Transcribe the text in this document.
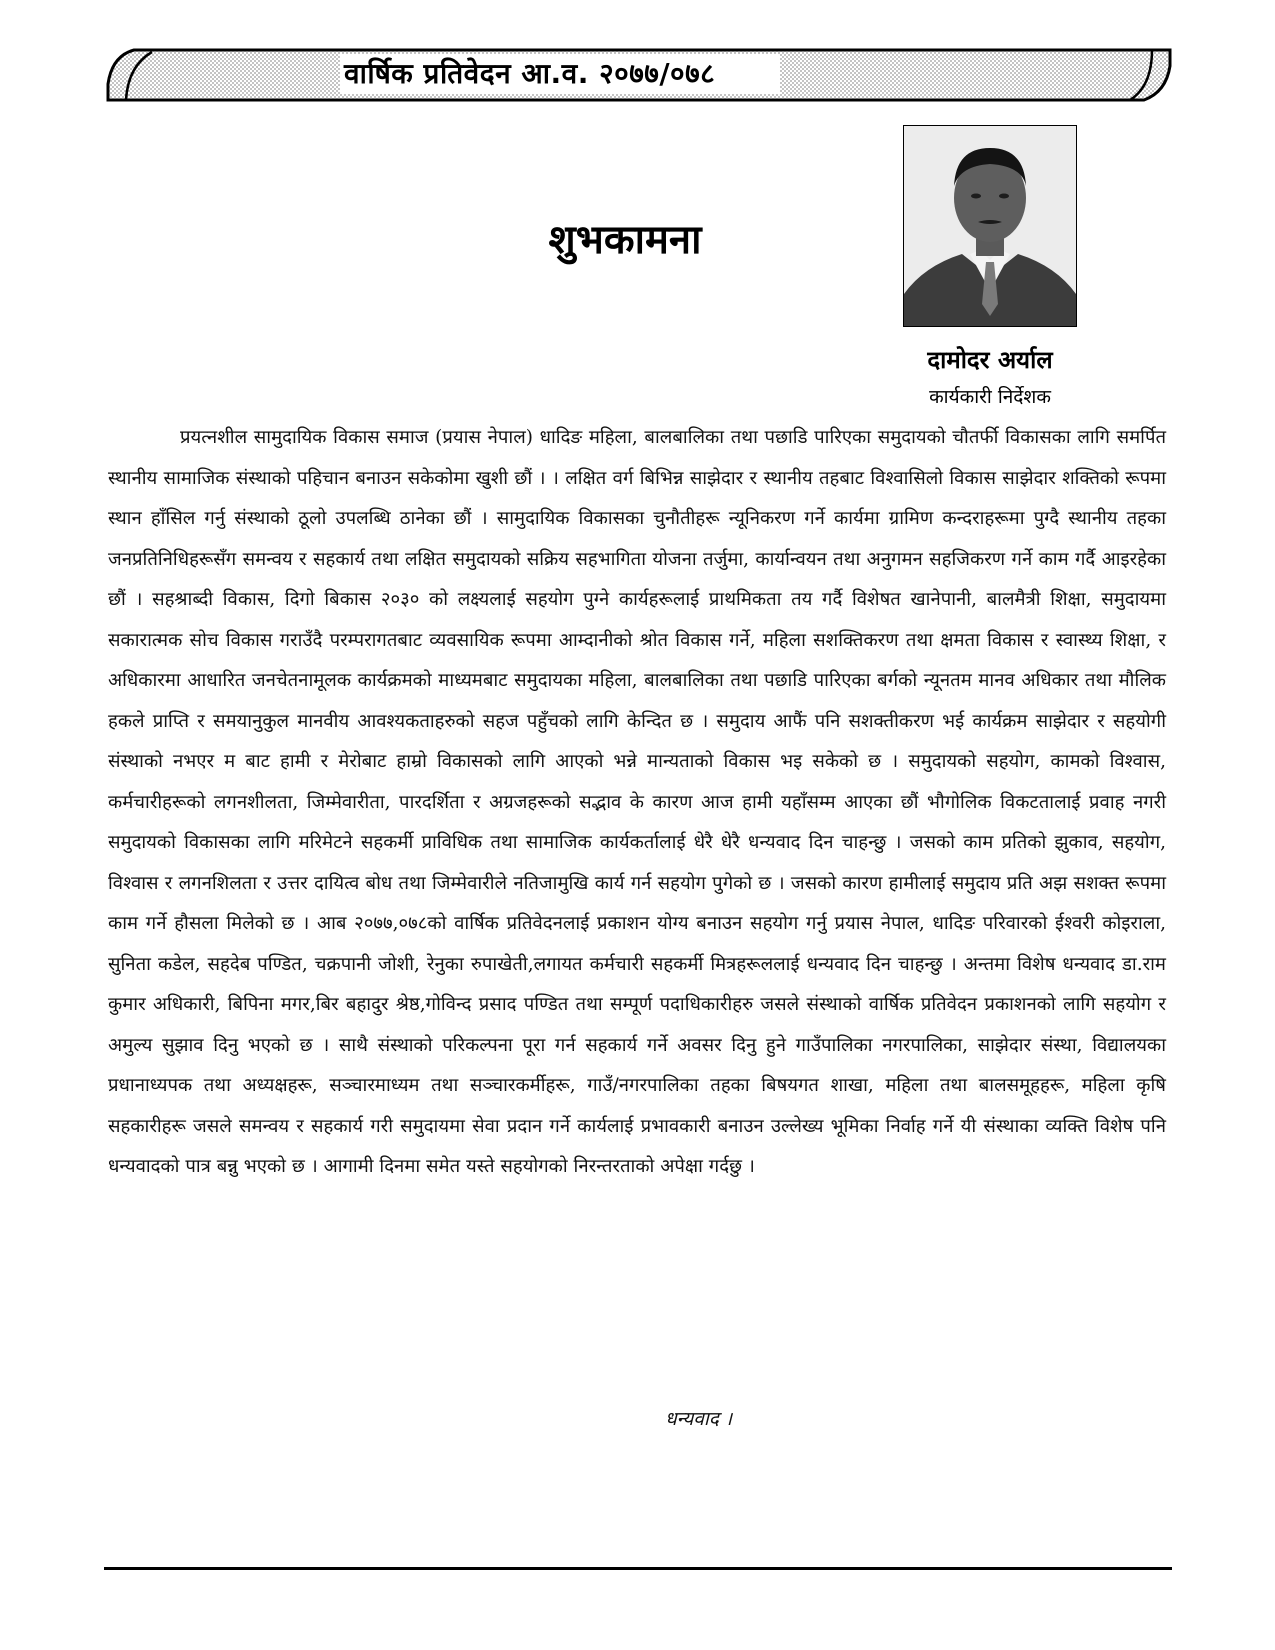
वार्षिक प्रतिवेदन आ.व. २०७७/०७८
शुभकामना
दामोदर अर्याल
कार्यकारी निर्देशक
प्रयत्नशील सामुदायिक विकास समाज (प्रयास नेपाल) धादिङ महिला, बालबालिका तथा पछाडि पारिएका समुदायको चौतर्फी विकासका लागि समर्पित स्थानीय सामाजिक संस्थाको पहिचान बनाउन सकेकोमा खुशी छौं । । लक्षित वर्ग बिभिन्न साझेदार र स्थानीय तहबाट विश्वासिलो विकास साझेदार शक्तिको रूपमा स्थान हाँसिल गर्नु संस्थाको ठूलो उपलब्धि ठानेका छौं । सामुदायिक विकासका चुनौतीहरू न्यूनिकरण गर्ने कार्यमा ग्रामिण कन्दराहरूमा पुग्दै स्थानीय तहका जनप्रतिनिधिहरूसँग समन्वय र सहकार्य तथा लक्षित समुदायको सक्रिय सहभागिता योजना तर्जुमा, कार्यान्वयन तथा अनुगमन सहजिकरण गर्ने काम गर्दै आइरहेका छौं । सहश्राब्दी विकास, दिगो बिकास २०३० को लक्ष्यलाई सहयोग पुग्ने कार्यहरूलाई प्राथमिकता तय गर्दै विशेषत खानेपानी, बालमैत्री शिक्षा, समुदायमा सकारात्मक सोच विकास गराउँदै परम्परागतबाट व्यवसायिक रूपमा आम्दानीको श्रोत विकास गर्ने, महिला सशक्तिकरण तथा क्षमता विकास र स्वास्थ्य शिक्षा, र अधिकारमा आधारित जनचेतनामूलक कार्यक्रमको माध्यमबाट समुदायका महिला, बालबालिका तथा पछाडि पारिएका बर्गको न्यूनतम मानव अधिकार तथा मौलिक हकले प्राप्ति र समयानुकुल मानवीय आवश्यकताहरुको सहज पहुँचको लागि केन्दित छ । समुदाय आफैं पनि सशक्तीकरण भई कार्यक्रम साझेदार र सहयोगी संस्थाको नभएर म बाट हामी र मेरोबाट हाम्रो विकासको लागि आएको भन्ने मान्यताको विकास भइ सकेको छ । समुदायको सहयोग, कामको विश्वास, कर्मचारीहरूको लगनशीलता, जिम्मेवारीता, पारदर्शिता र अग्रजहरूको सद्भाव के कारण आज हामी यहाँसम्म आएका छौं भौगोलिक विकटतालाई प्रवाह नगरी समुदायको विकासका लागि मरिमेटने सहकर्मी प्राविधिक तथा सामाजिक कार्यकर्तालाई धेरै धेरै धन्यवाद दिन चाहन्छु । जसको काम प्रतिको झुकाव, सहयोग, विश्वास र लगनशिलता र उत्तर दायित्व बोध तथा जिम्मेवारीले नतिजामुखि कार्य गर्न सहयोग पुगेको छ । जसको कारण हामीलाई समुदाय प्रति अझ सशक्त रूपमा काम गर्ने हौसला मिलेको छ । आब २०७७,०७८को वार्षिक प्रतिवेदनलाई प्रकाशन योग्य बनाउन सहयोग गर्नु प्रयास नेपाल, धादिङ परिवारको ईश्वरी कोइराला, सुनिता कडेल, सहदेब पण्डित, चक्रपानी जोशी, रेनुका रुपाखेती,लगायत कर्मचारी सहकर्मी मित्रहरूललाई धन्यवाद दिन चाहन्छु । अन्तमा विशेष धन्यवाद डा.राम कुमार अधिकारी, बिपिना मगर,बिर बहादुर श्रेष्ठ,गोविन्द प्रसाद पण्डित तथा सम्पूर्ण पदाधिकारीहरु जसले संस्थाको वार्षिक प्रतिवेदन प्रकाशनको लागि सहयोग र अमुल्य सुझाव दिनु भएको छ । साथै संस्थाको परिकल्पना पूरा गर्न सहकार्य गर्ने अवसर दिनु हुने गाउँपालिका नगरपालिका, साझेदार संस्था, विद्यालयका प्रधानाध्यपक तथा अध्यक्षहरू, सञ्चारमाध्यम तथा सञ्चारकर्मीहरू, गाउँ/नगरपालिका तहका बिषयगत शाखा, महिला तथा बालसमूहहरू, महिला कृषि सहकारीहरू जसले समन्वय र सहकार्य गरी समुदायमा सेवा प्रदान गर्ने कार्यलाई प्रभावकारी बनाउन उल्लेख्य भूमिका निर्वाह गर्ने यी संस्थाका व्यक्ति विशेष पनि धन्यवादको पात्र बन्नु भएको छ । आगामी दिनमा समेत यस्ते सहयोगको निरन्तरताको अपेक्षा गर्दछु ।
धन्यवाद ।
